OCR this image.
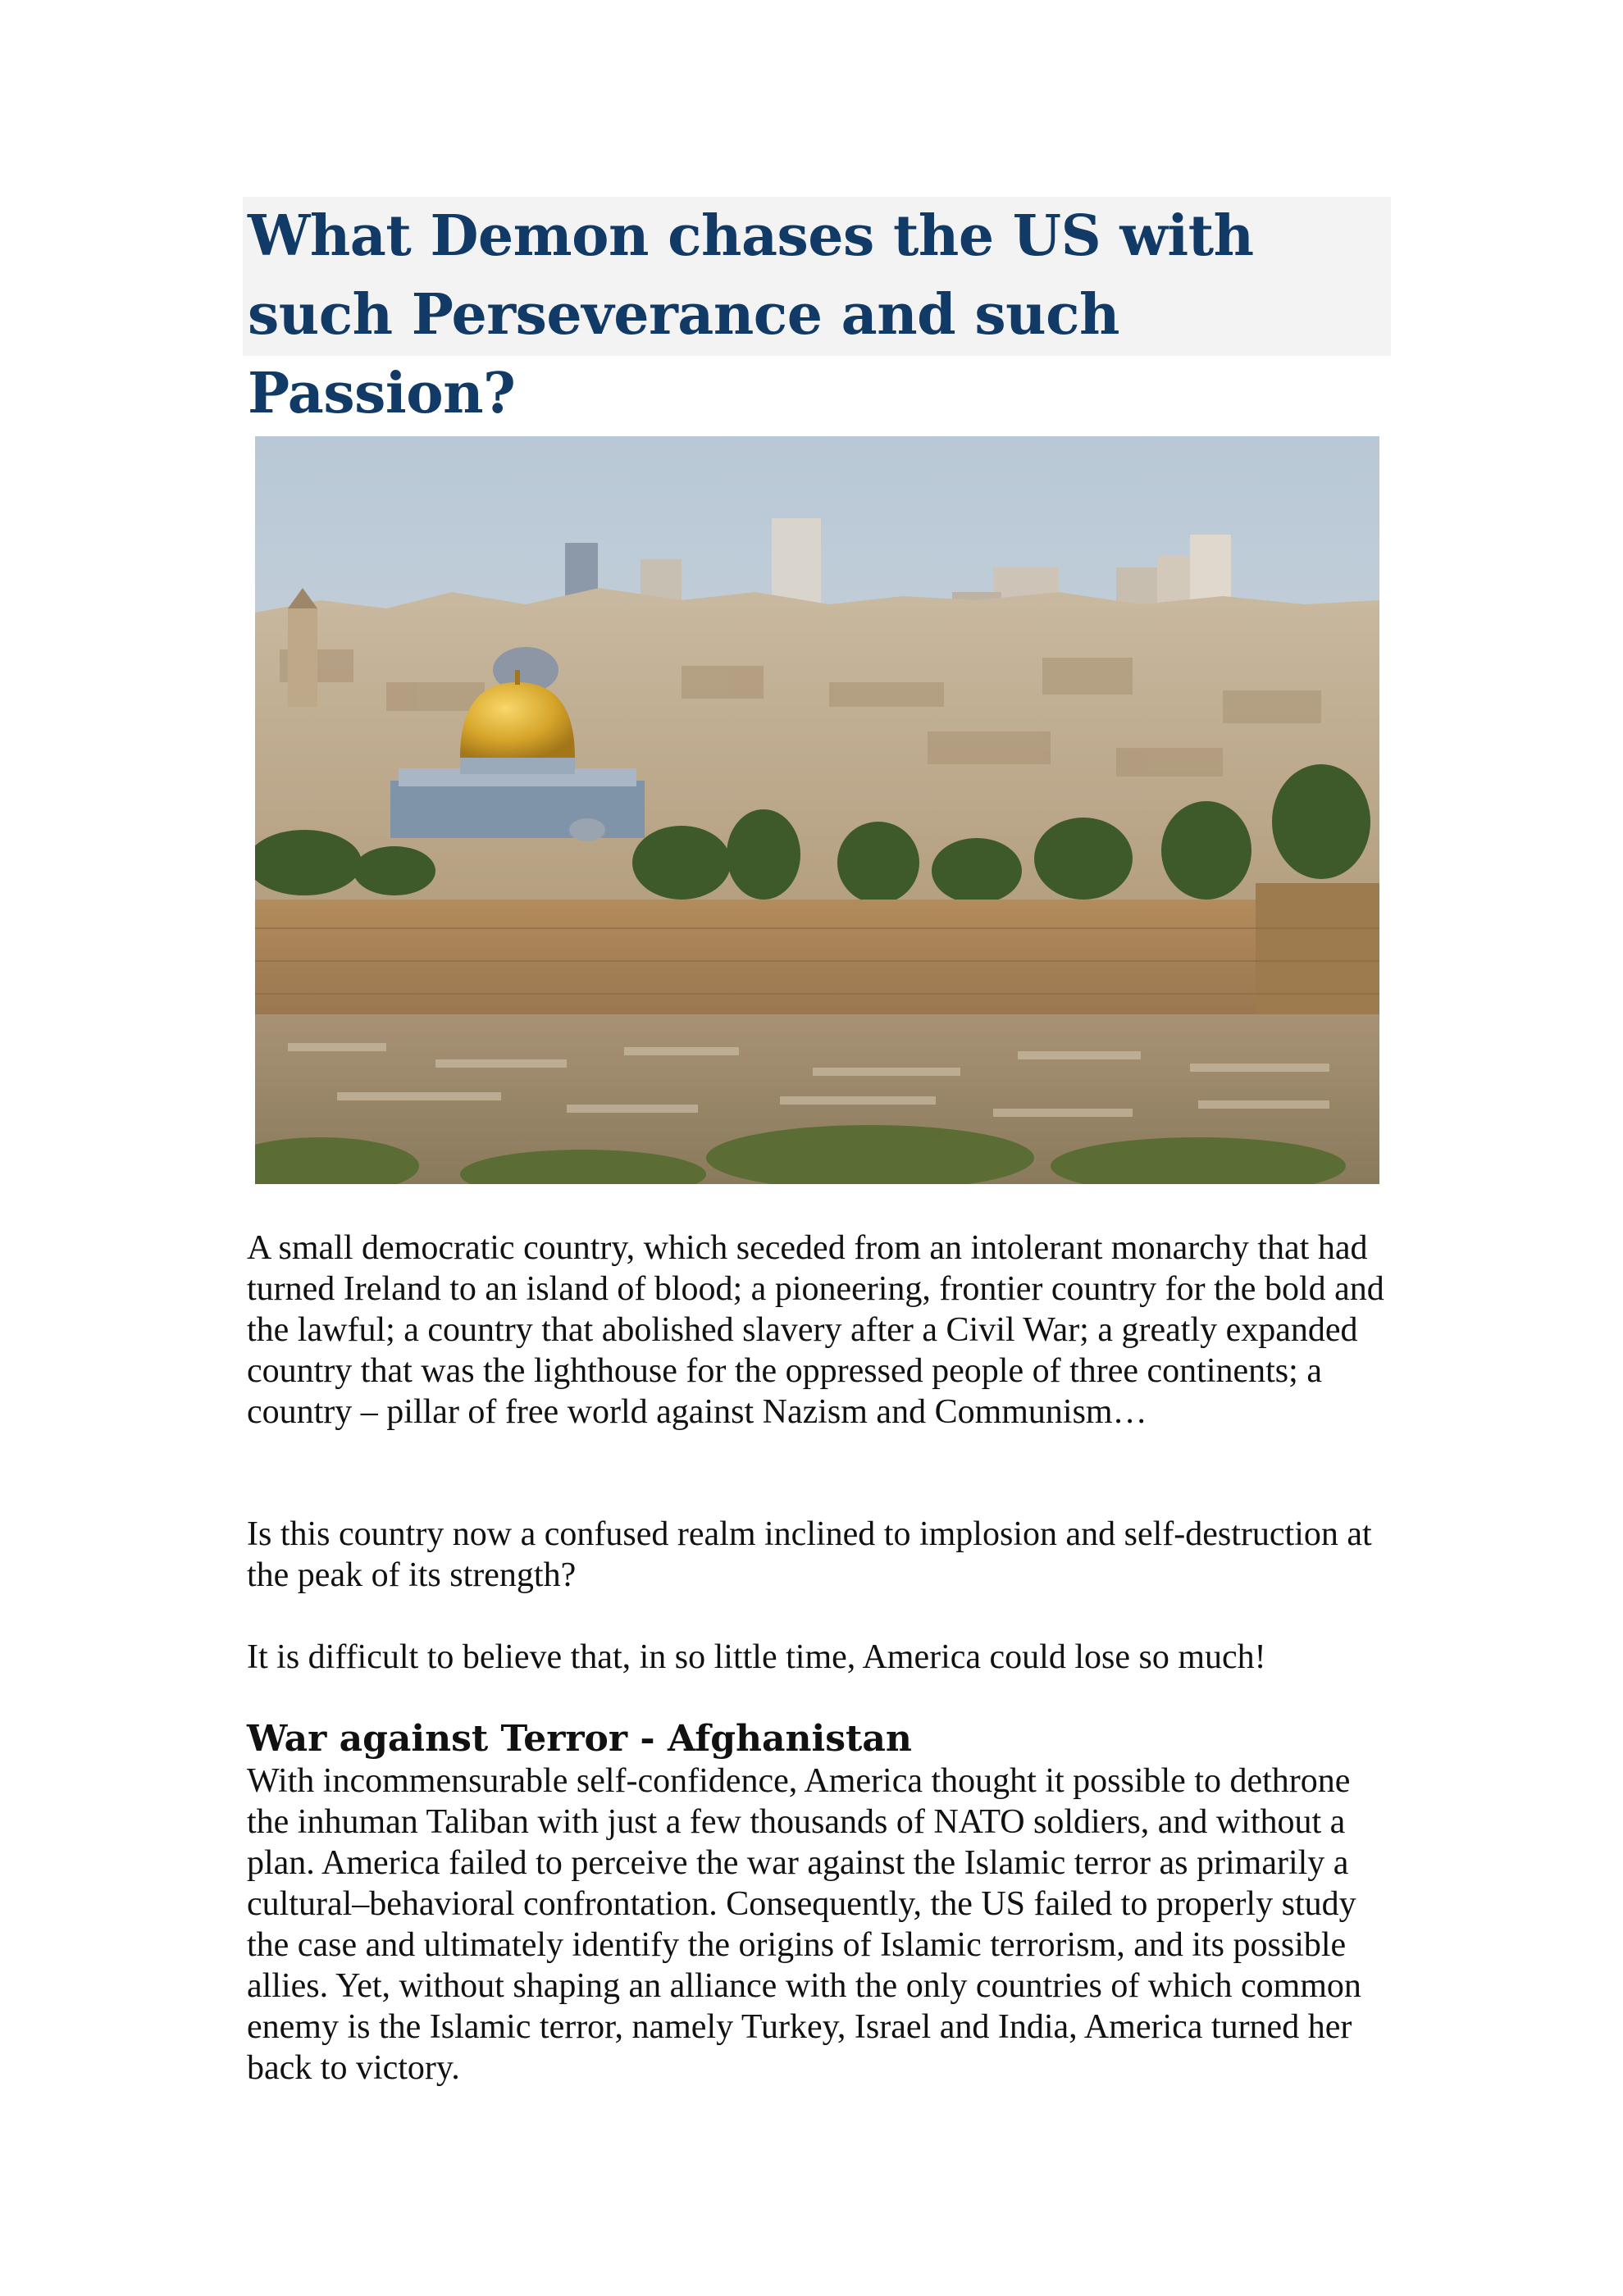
What Demon chases the US with such Perseverance and such Passion?

A small democratic country, which seceded from an intolerant monarchy that had turned Ireland to an island of blood; a pioneering, frontier country for the bold and the lawful; a country that abolished slavery after a Civil War; a greatly expanded country that was the lighthouse for the oppressed people of three continents; a country – pillar of free world against Nazism and Communism…

Is this country now a confused realm inclined to implosion and self-destruction at the peak of its strength?

It is difficult to believe that, in so little time, America could lose so much!

War against Terror - Afghanistan

With incommensurable self-confidence, America thought it possible to dethrone the inhuman Taliban with just a few thousands of NATO soldiers, and without a plan. America failed to perceive the war against the Islamic terror as primarily a cultural–behavioral confrontation. Consequently, the US failed to properly study the case and ultimately identify the origins of Islamic terrorism, and its possible allies. Yet, without shaping an alliance with the only countries of which common enemy is the Islamic terror, namely Turkey, Israel and India, America turned her back to victory.
